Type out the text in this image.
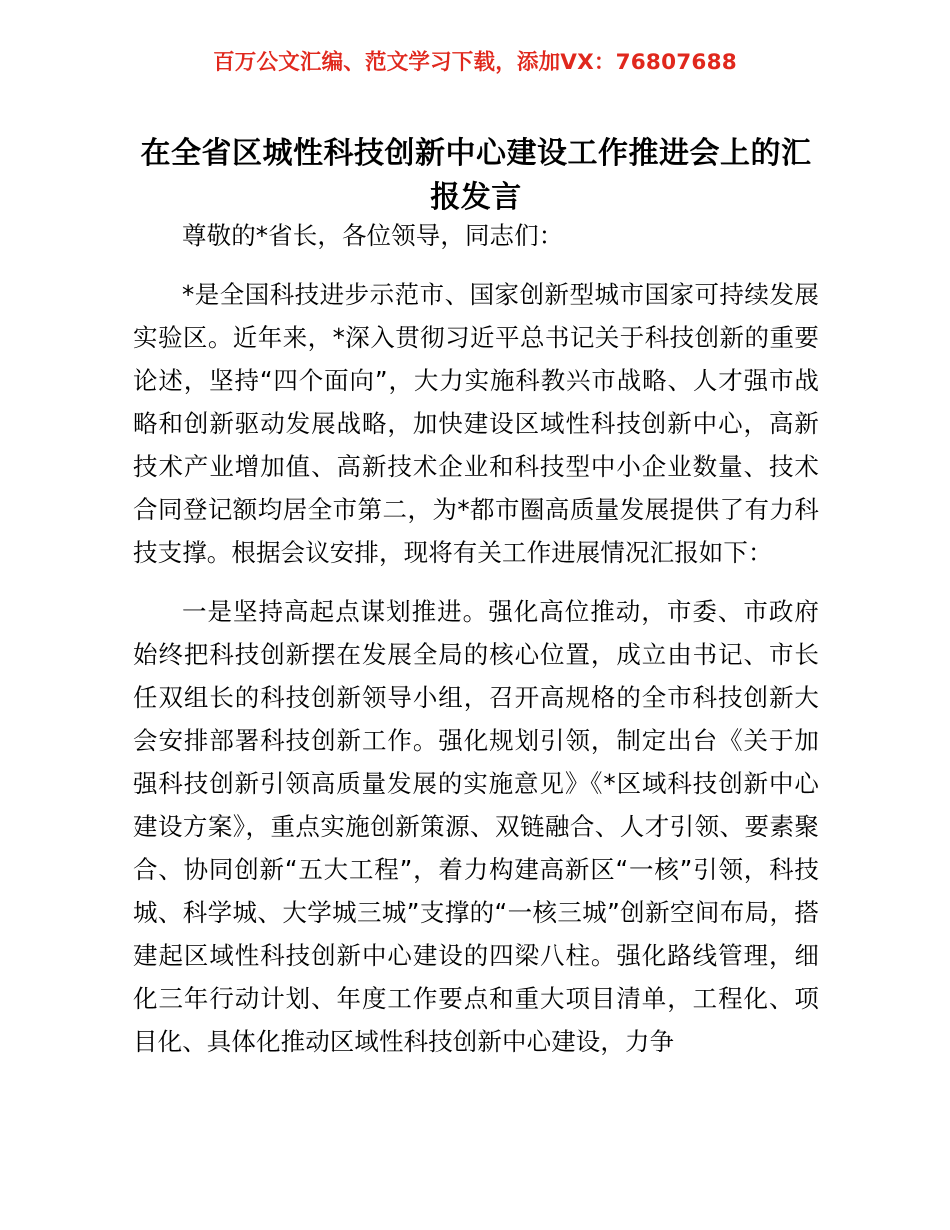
百万公文汇编、范文学习下载，添加VX：76807688
在全省区城性科技创新中心建设工作推进会上的汇报发言

尊敬的*省长，各位领导，同志们：

*是全国科技进步示范市、国家创新型城市国家可持续发展实验区。近年来，*深入贯彻习近平总书记关于科技创新的重要论述，坚持“四个面向”，大力实施科教兴市战略、人才强市战略和创新驱动发展战略，加快建设区域性科技创新中心，高新技术产业增加值、高新技术企业和科技型中小企业数量、技术合同登记额均居全市第二，为*都市圈高质量发展提供了有力科技支撑。根据会议安排，现将有关工作进展情况汇报如下：

一是坚持高起点谋划推进。强化高位推动，市委、市政府始终把科技创新摆在发展全局的核心位置，成立由书记、市长任双组长的科技创新领导小组，召开高规格的全市科技创新大会安排部署科技创新工作。强化规划引领，制定出台《关于加强科技创新引领高质量发展的实施意见》《*区域科技创新中心建设方案》，重点实施创新策源、双链融合、人才引领、要素聚合、协同创新“五大工程”，着力构建高新区“一核”引领，科技城、科学城、大学城三城”支撑的“一核三城”创新空间布局，搭建起区域性科技创新中心建设的四梁八柱。强化路线管理，细化三年行动计划、年度工作要点和重大项目清单，工程化、项目化、具体化推动区域性科技创新中心建设，力争
